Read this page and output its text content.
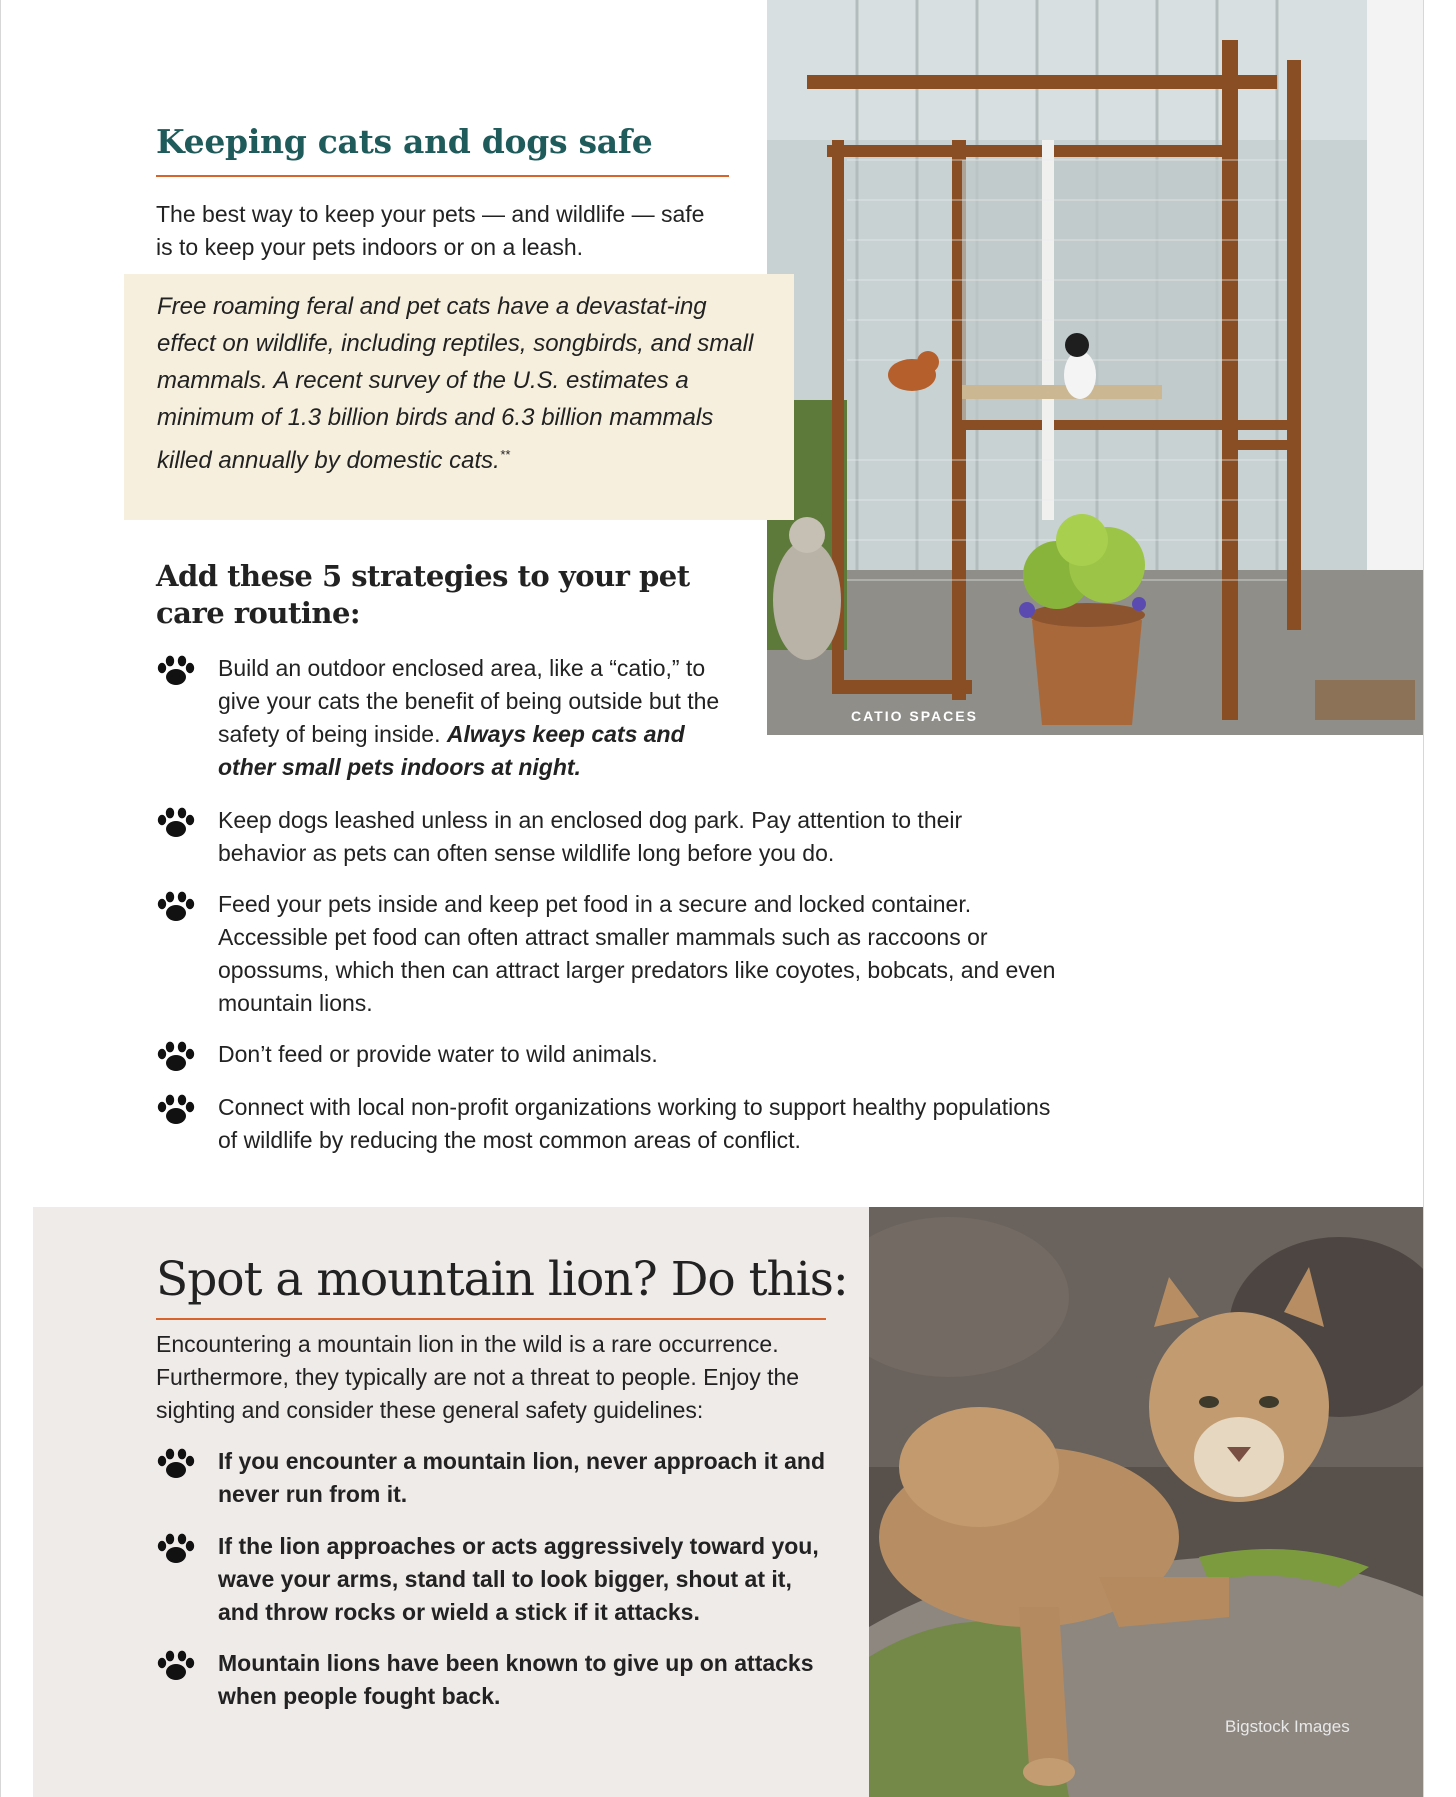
CATIO SPACES
Keeping cats and dogs safe

The best way to keep your pets — and wildlife — safe is to keep your pets indoors or on a leash.

Free roaming feral and pet cats have a devastat-ing effect on wildlife, including reptiles, songbirds, and small mammals. A recent survey of the U.S. estimates a minimum of 1.3 billion birds and 6.3 billion mammals killed annually by domestic cats.**
Add these 5 strategies to your pet care routine:
Build an outdoor enclosed area, like a “catio,” to give your cats the benefit of being outside but the safety of being inside. Always keep cats and other small pets indoors at night.
Keep dogs leashed unless in an enclosed dog park. Pay attention to their behavior as pets can often sense wildlife long before you do.
Feed your pets inside and keep pet food in a secure and locked container. Accessible pet food can often attract smaller mammals such as raccoons or opossums, which then can attract larger predators like coyotes, bobcats, and even mountain lions.
Don’t feed or provide water to wild animals.
Connect with local non-profit organizations working to support healthy populations of wildlife by reducing the most common areas of conflict.
Spot a mountain lion? Do this:

Encountering a mountain lion in the wild is a rare occurrence. Furthermore, they typically are not a threat to people. Enjoy the sighting and consider these general safety guidelines:

If you encounter a mountain lion, never approach it and never run from it.
If the lion approaches or acts aggressively toward you, wave your arms, stand tall to look bigger, shout at it, and throw rocks or wield a stick if it attacks.
Mountain lions have been known to give up on attacks when people fought back.
Bigstock Images
